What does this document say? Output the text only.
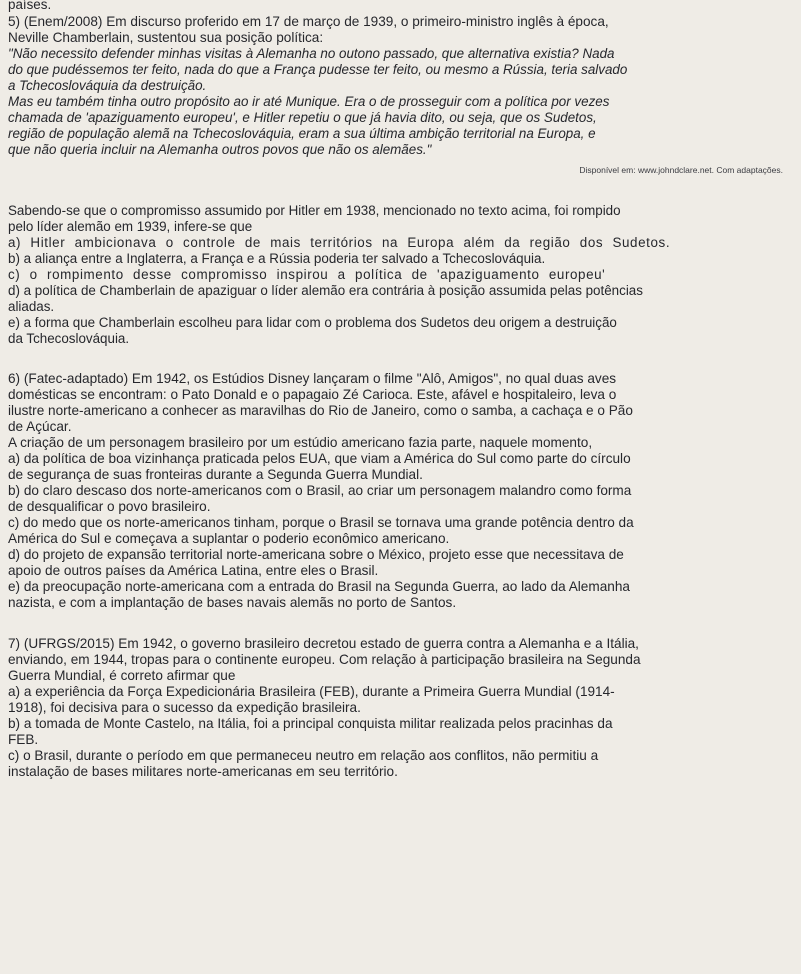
países.
5) (Enem/2008) Em discurso proferido em 17 de março de 1939, o primeiro-ministro inglês à época,
Neville Chamberlain, sustentou sua posição política:
"Não necessito defender minhas visitas à Alemanha no outono passado, que alternativa existia? Nada
do que pudéssemos ter feito, nada do que a França pudesse ter feito, ou mesmo a Rússia, teria salvado
a Tchecoslováquia da destruição.
Mas eu também tinha outro propósito ao ir até Munique. Era o de prosseguir com a política por vezes
chamada de 'apaziguamento europeu', e Hitler repetiu o que já havia dito, ou seja, que os Sudetos,
região de população alemã na Tchecoslováquia, eram a sua última ambição territorial na Europa, e
que não queria incluir na Alemanha outros povos que não os alemães."
Disponível em: www.johndclare.net. Com adaptações.
Sabendo-se que o compromisso assumido por Hitler em 1938, mencionado no texto acima, foi rompido
pelo líder alemão em 1939, infere-se que
a) Hitler ambicionava o controle de mais territórios na Europa além da região dos Sudetos.
b) a aliança entre a Inglaterra, a França e a Rússia poderia ter salvado a Tchecoslováquia.
c) o rompimento desse compromisso inspirou a política de 'apaziguamento europeu'
d) a política de Chamberlain de apaziguar o líder alemão era contrária à posição assumida pelas potências
aliadas.
e) a forma que Chamberlain escolheu para lidar com o problema dos Sudetos deu origem a destruição
da Tchecoslováquia.
6) (Fatec-adaptado) Em 1942, os Estúdios Disney lançaram o filme "Alô, Amigos", no qual duas aves
domésticas se encontram: o Pato Donald e o papagaio Zé Carioca. Este, afável e hospitaleiro, leva o
ilustre norte-americano a conhecer as maravilhas do Rio de Janeiro, como o samba, a cachaça e o Pão
de Açúcar.
A criação de um personagem brasileiro por um estúdio americano fazia parte, naquele momento,
a) da política de boa vizinhança praticada pelos EUA, que viam a América do Sul como parte do círculo
de segurança de suas fronteiras durante a Segunda Guerra Mundial.
b) do claro descaso dos norte-americanos com o Brasil, ao criar um personagem malandro como forma
de desqualificar o povo brasileiro.
c) do medo que os norte-americanos tinham, porque o Brasil se tornava uma grande potência dentro da
América do Sul e começava a suplantar o poderio econômico americano.
d) do projeto de expansão territorial norte-americana sobre o México, projeto esse que necessitava de
apoio de outros países da América Latina, entre eles o Brasil.
e) da preocupação norte-americana com a entrada do Brasil na Segunda Guerra, ao lado da Alemanha
nazista, e com a implantação de bases navais alemãs no porto de Santos.
7) (UFRGS/2015) Em 1942, o governo brasileiro decretou estado de guerra contra a Alemanha e a Itália,
enviando, em 1944, tropas para o continente europeu. Com relação à participação brasileira na Segunda
Guerra Mundial, é correto afirmar que
a) a experiência da Força Expedicionária Brasileira (FEB), durante a Primeira Guerra Mundial (1914-
1918), foi decisiva para o sucesso da expedição brasileira.
b) a tomada de Monte Castelo, na Itália, foi a principal conquista militar realizada pelos pracinhas da
FEB.
c) o Brasil, durante o período em que permaneceu neutro em relação aos conflitos, não permitiu a
instalação de bases militares norte-americanas em seu território.
